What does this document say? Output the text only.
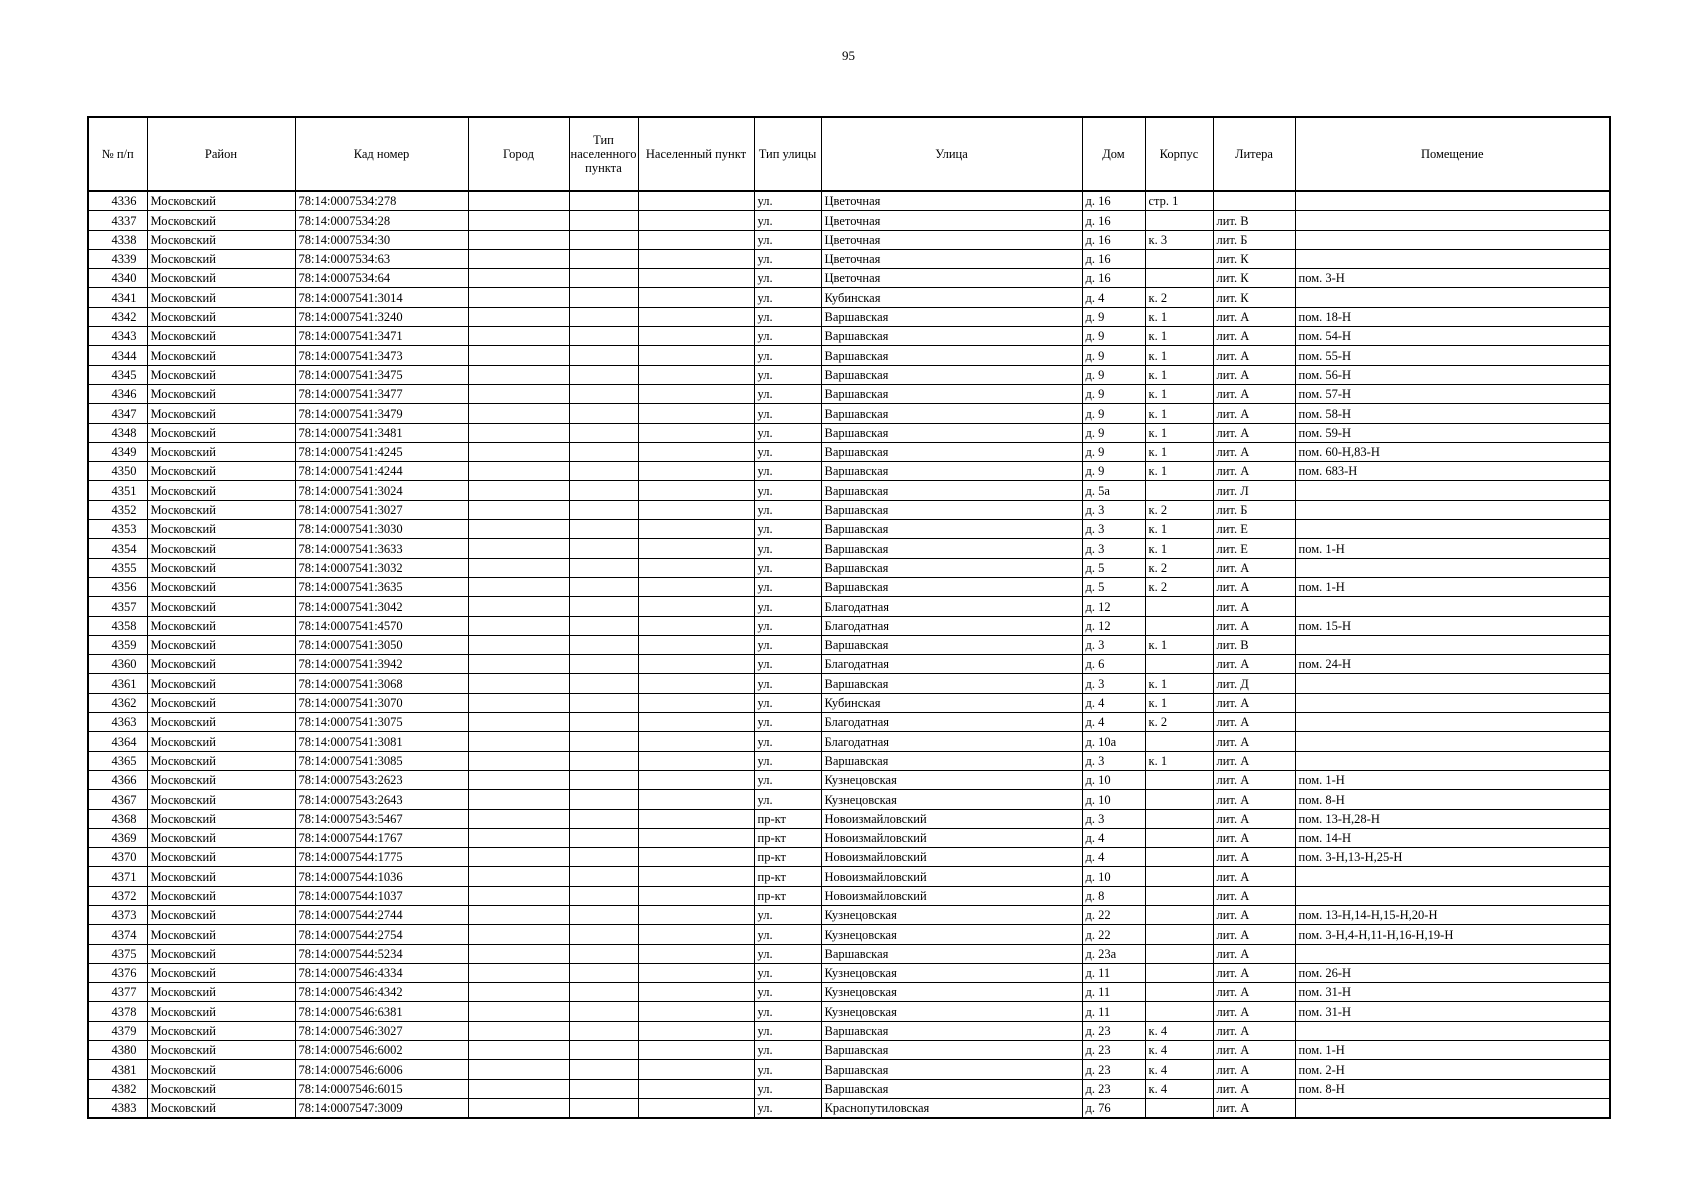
95
№ п/п	Район	Кад номер	Город	Тип населенного пункта	Населенный пункт	Тип улицы	Улица	Дом	Корпус	Литера	Помещение
4336	Московский	78:14:0007534:278				ул.	Цветочная	д. 16	стр. 1		
4337	Московский	78:14:0007534:28				ул.	Цветочная	д. 16		лит. В	
4338	Московский	78:14:0007534:30				ул.	Цветочная	д. 16	к. 3	лит. Б	
4339	Московский	78:14:0007534:63				ул.	Цветочная	д. 16		лит. К	
4340	Московский	78:14:0007534:64				ул.	Цветочная	д. 16		лит. К	пом. 3-Н
4341	Московский	78:14:0007541:3014				ул.	Кубинская	д. 4	к. 2	лит. К	
4342	Московский	78:14:0007541:3240				ул.	Варшавская	д. 9	к. 1	лит. А	пом. 18-Н
4343	Московский	78:14:0007541:3471				ул.	Варшавская	д. 9	к. 1	лит. А	пом. 54-Н
4344	Московский	78:14:0007541:3473				ул.	Варшавская	д. 9	к. 1	лит. А	пом. 55-Н
4345	Московский	78:14:0007541:3475				ул.	Варшавская	д. 9	к. 1	лит. А	пом. 56-Н
4346	Московский	78:14:0007541:3477				ул.	Варшавская	д. 9	к. 1	лит. А	пом. 57-Н
4347	Московский	78:14:0007541:3479				ул.	Варшавская	д. 9	к. 1	лит. А	пом. 58-Н
4348	Московский	78:14:0007541:3481				ул.	Варшавская	д. 9	к. 1	лит. А	пом. 59-Н
4349	Московский	78:14:0007541:4245				ул.	Варшавская	д. 9	к. 1	лит. А	пом. 60-Н,83-Н
4350	Московский	78:14:0007541:4244				ул.	Варшавская	д. 9	к. 1	лит. А	пом. 683-Н
4351	Московский	78:14:0007541:3024				ул.	Варшавская	д. 5а		лит. Л	
4352	Московский	78:14:0007541:3027				ул.	Варшавская	д. 3	к. 2	лит. Б	
4353	Московский	78:14:0007541:3030				ул.	Варшавская	д. 3	к. 1	лит. Е	
4354	Московский	78:14:0007541:3633				ул.	Варшавская	д. 3	к. 1	лит. Е	пом. 1-Н
4355	Московский	78:14:0007541:3032				ул.	Варшавская	д. 5	к. 2	лит. А	
4356	Московский	78:14:0007541:3635				ул.	Варшавская	д. 5	к. 2	лит. А	пом. 1-Н
4357	Московский	78:14:0007541:3042				ул.	Благодатная	д. 12		лит. А	
4358	Московский	78:14:0007541:4570				ул.	Благодатная	д. 12		лит. А	пом. 15-Н
4359	Московский	78:14:0007541:3050				ул.	Варшавская	д. 3	к. 1	лит. В	
4360	Московский	78:14:0007541:3942				ул.	Благодатная	д. 6		лит. А	пом. 24-Н
4361	Московский	78:14:0007541:3068				ул.	Варшавская	д. 3	к. 1	лит. Д	
4362	Московский	78:14:0007541:3070				ул.	Кубинская	д. 4	к. 1	лит. А	
4363	Московский	78:14:0007541:3075				ул.	Благодатная	д. 4	к. 2	лит. А	
4364	Московский	78:14:0007541:3081				ул.	Благодатная	д. 10а		лит. А	
4365	Московский	78:14:0007541:3085				ул.	Варшавская	д. 3	к. 1	лит. А	
4366	Московский	78:14:0007543:2623				ул.	Кузнецовская	д. 10		лит. А	пом. 1-Н
4367	Московский	78:14:0007543:2643				ул.	Кузнецовская	д. 10		лит. А	пом. 8-Н
4368	Московский	78:14:0007543:5467				пр-кт	Новоизмайловский	д. 3		лит. А	пом. 13-Н,28-Н
4369	Московский	78:14:0007544:1767				пр-кт	Новоизмайловский	д. 4		лит. А	пом. 14-Н
4370	Московский	78:14:0007544:1775				пр-кт	Новоизмайловский	д. 4		лит. А	пом. 3-Н,13-Н,25-Н
4371	Московский	78:14:0007544:1036				пр-кт	Новоизмайловский	д. 10		лит. А	
4372	Московский	78:14:0007544:1037				пр-кт	Новоизмайловский	д. 8		лит. А	
4373	Московский	78:14:0007544:2744				ул.	Кузнецовская	д. 22		лит. А	пом. 13-Н,14-Н,15-Н,20-Н
4374	Московский	78:14:0007544:2754				ул.	Кузнецовская	д. 22		лит. А	пом. 3-Н,4-Н,11-Н,16-Н,19-Н
4375	Московский	78:14:0007544:5234				ул.	Варшавская	д. 23а		лит. А	
4376	Московский	78:14:0007546:4334				ул.	Кузнецовская	д. 11		лит. А	пом. 26-Н
4377	Московский	78:14:0007546:4342				ул.	Кузнецовская	д. 11		лит. А	пом. 31-Н
4378	Московский	78:14:0007546:6381				ул.	Кузнецовская	д. 11		лит. А	пом. 31-Н
4379	Московский	78:14:0007546:3027				ул.	Варшавская	д. 23	к. 4	лит. А	
4380	Московский	78:14:0007546:6002				ул.	Варшавская	д. 23	к. 4	лит. А	пом. 1-Н
4381	Московский	78:14:0007546:6006				ул.	Варшавская	д. 23	к. 4	лит. А	пом. 2-Н
4382	Московский	78:14:0007546:6015				ул.	Варшавская	д. 23	к. 4	лит. А	пом. 8-Н
4383	Московский	78:14:0007547:3009				ул.	Краснопутиловская	д. 76		лит. А	
